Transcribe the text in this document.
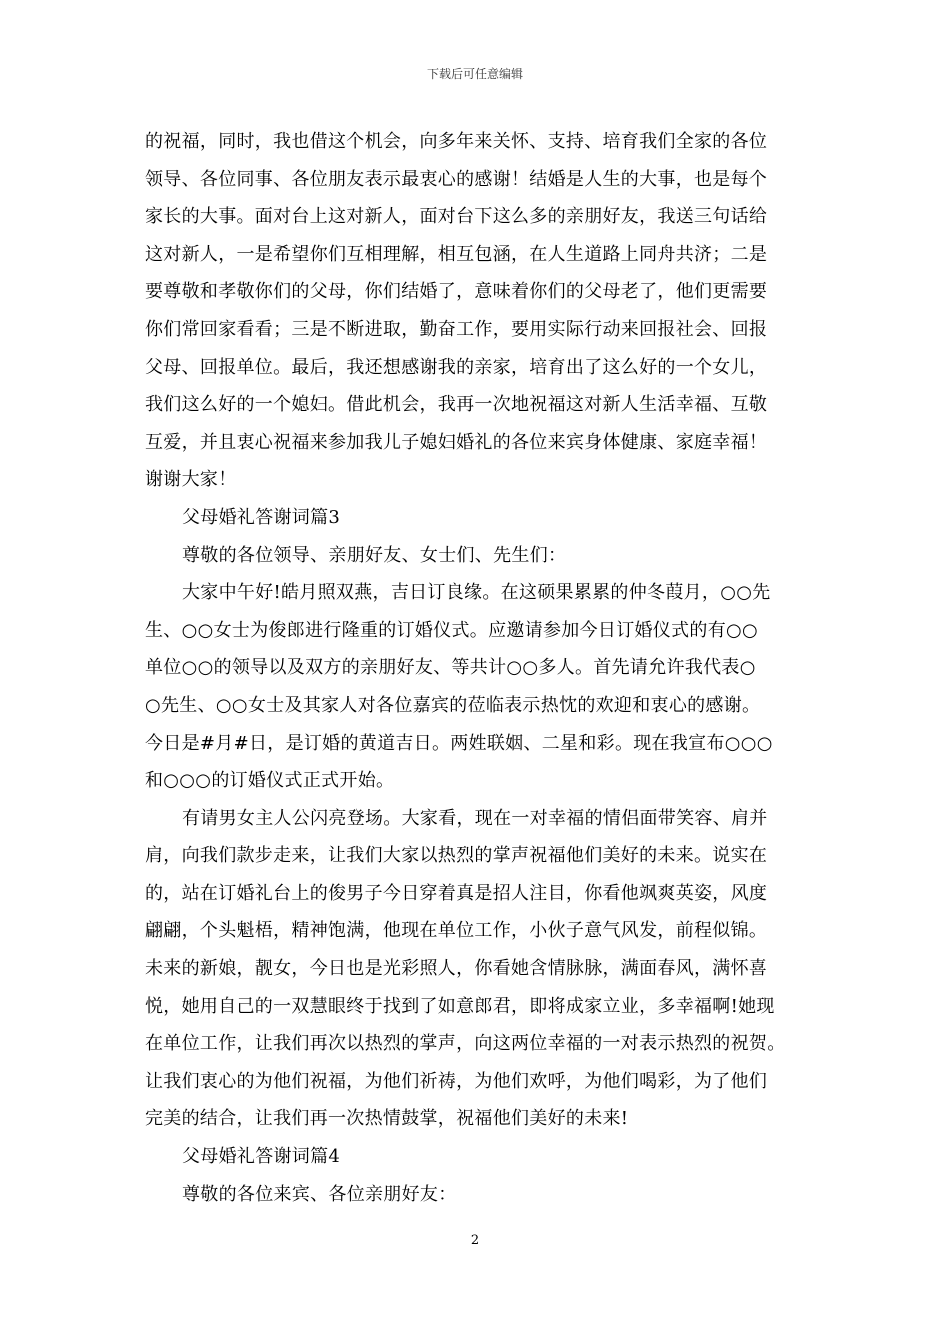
下载后可任意编辑
的祝福，同时，我也借这个机会，向多年来关怀、支持、培育我们全家的各位
领导、各位同事、各位朋友表示最衷心的感谢！结婚是人生的大事，也是每个
家长的大事。面对台上这对新人，面对台下这么多的亲朋好友，我送三句话给
这对新人，一是希望你们互相理解，相互包涵，在人生道路上同舟共济；二是
要尊敬和孝敬你们的父母，你们结婚了，意味着你们的父母老了，他们更需要
你们常回家看看；三是不断进取，勤奋工作，要用实际行动来回报社会、回报
父母、回报单位。最后，我还想感谢我的亲家，培育出了这么好的一个女儿，
我们这么好的一个媳妇。借此机会，我再一次地祝福这对新人生活幸福、互敬
互爱，并且衷心祝福来参加我儿子媳妇婚礼的各位来宾身体健康、家庭幸福！
谢谢大家！
父母婚礼答谢词篇3
尊敬的各位领导、亲朋好友、女士们、先生们：
大家中午好!皓月照双燕，吉日订良缘。在这硕果累累的仲冬葭月，○○先
生、○○女士为俊郎进行隆重的订婚仪式。应邀请参加今日订婚仪式的有○○
单位○○的领导以及双方的亲朋好友、等共计○○多人。首先请允许我代表○
○先生、○○女士及其家人对各位嘉宾的莅临表示热忱的欢迎和衷心的感谢。
今日是#月#日，是订婚的黄道吉日。两姓联姻、二星和彩。现在我宣布○○○
和○○○的订婚仪式正式开始。
有请男女主人公闪亮登场。大家看，现在一对幸福的情侣面带笑容、肩并
肩，向我们款步走来，让我们大家以热烈的掌声祝福他们美好的未来。说实在
的，站在订婚礼台上的俊男子今日穿着真是招人注目，你看他飒爽英姿，风度
翩翩，个头魁梧，精神饱满，他现在单位工作，小伙子意气风发，前程似锦。
未来的新娘，靓女，今日也是光彩照人，你看她含情脉脉，满面春风，满怀喜
悦，她用自己的一双慧眼终于找到了如意郎君，即将成家立业，多幸福啊!她现
在单位工作，让我们再次以热烈的掌声，向这两位幸福的一对表示热烈的祝贺。
让我们衷心的为他们祝福，为他们祈祷，为他们欢呼，为他们喝彩，为了他们
完美的结合，让我们再一次热情鼓掌，祝福他们美好的未来!
父母婚礼答谢词篇4
尊敬的各位来宾、各位亲朋好友：
2
